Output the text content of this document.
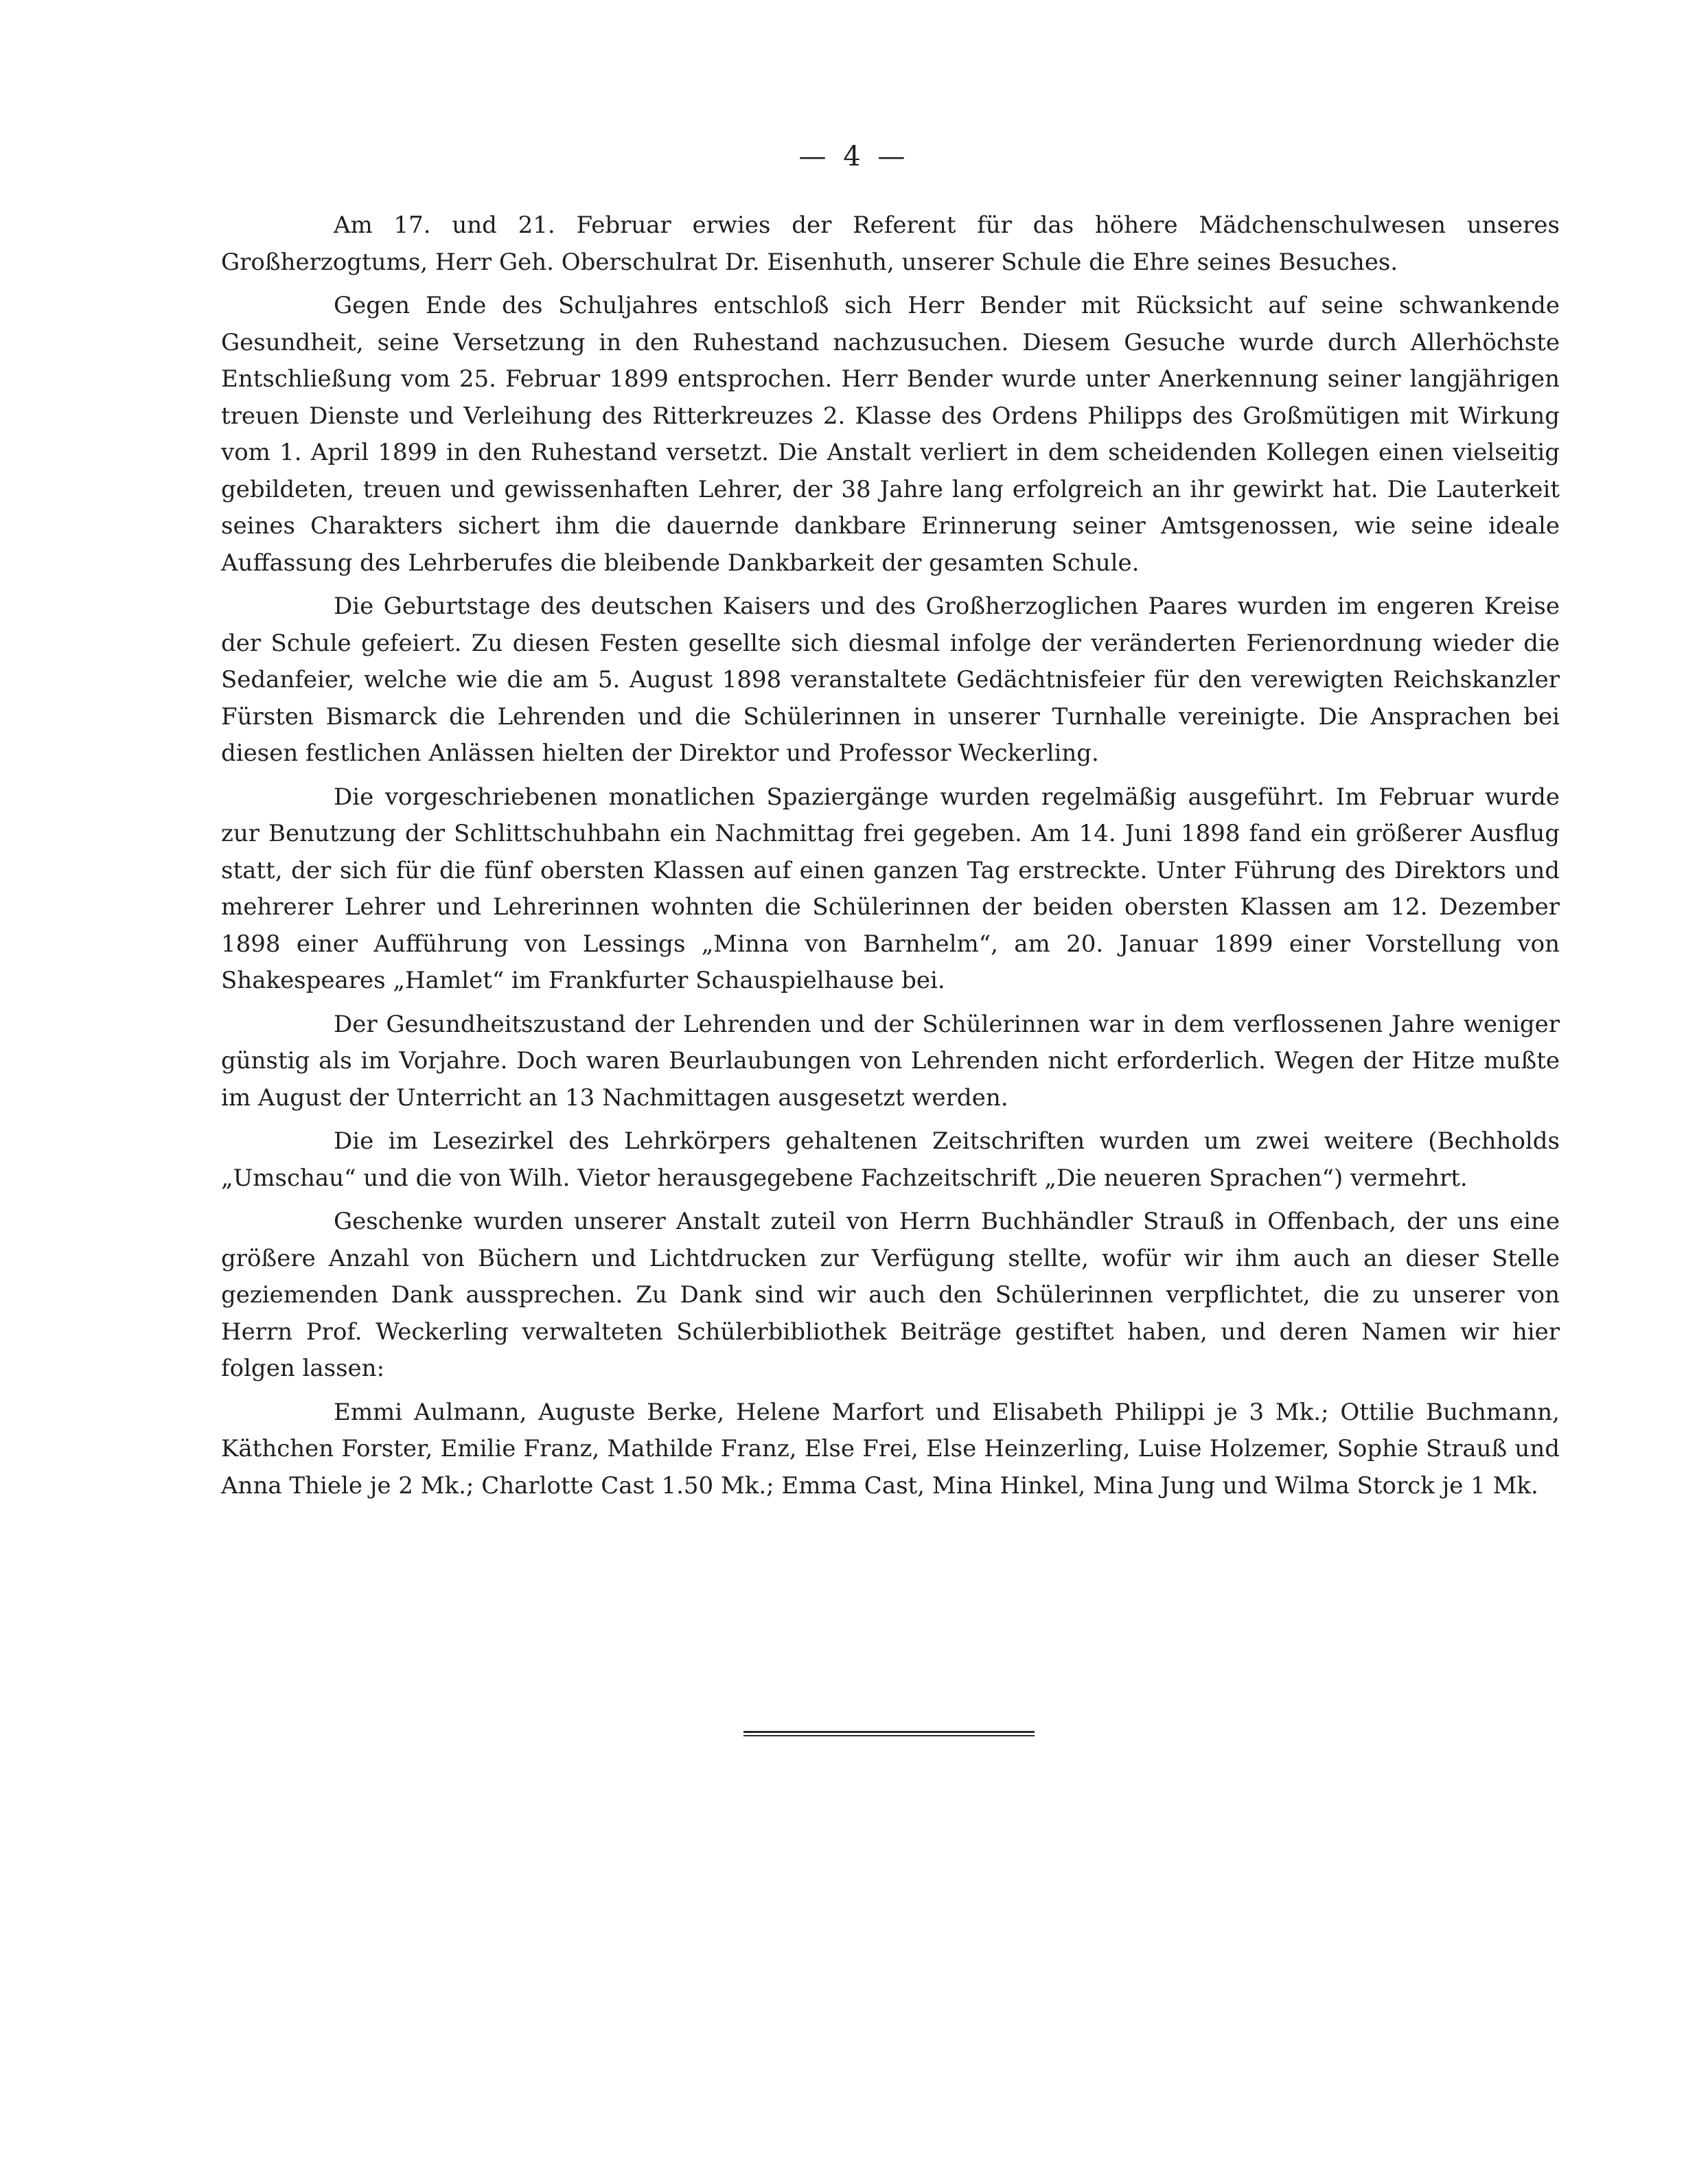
— 4 —

Am 17. und 21. Februar erwies der Referent für das höhere Mädchenschulwesen unseres Großherzogtums, Herr Geh. Oberschulrat Dr. Eisenhuth, unserer Schule die Ehre seines Besuches.

Gegen Ende des Schuljahres entschloß sich Herr Bender mit Rücksicht auf seine schwankende Gesundheit, seine Versetzung in den Ruhestand nachzusuchen. Diesem Gesuche wurde durch Allerhöchste Entschließung vom 25. Februar 1899 entsprochen. Herr Bender wurde unter Anerkennung seiner langjährigen treuen Dienste und Verleihung des Ritterkreuzes 2. Klasse des Ordens Philipps des Großmütigen mit Wirkung vom 1. April 1899 in den Ruhestand versetzt. Die Anstalt verliert in dem scheidenden Kollegen einen vielseitig gebildeten, treuen und gewissenhaften Lehrer, der 38 Jahre lang erfolgreich an ihr gewirkt hat. Die Lauterkeit seines Charakters sichert ihm die dauernde dankbare Erinnerung seiner Amtsgenossen, wie seine ideale Auffassung des Lehrberufes die bleibende Dankbarkeit der gesamten Schule.

Die Geburtstage des deutschen Kaisers und des Großherzoglichen Paares wurden im engeren Kreise der Schule gefeiert. Zu diesen Festen gesellte sich diesmal infolge der veränderten Ferienordnung wieder die Sedanfeier, welche wie die am 5. August 1898 veranstaltete Gedächtnisfeier für den verewigten Reichskanzler Fürsten Bismarck die Lehrenden und die Schülerinnen in unserer Turnhalle vereinigte. Die Ansprachen bei diesen festlichen Anlässen hielten der Direktor und Professor Weckerling.

Die vorgeschriebenen monatlichen Spaziergänge wurden regelmäßig ausgeführt. Im Februar wurde zur Benutzung der Schlittschuhbahn ein Nachmittag frei gegeben. Am 14. Juni 1898 fand ein größerer Ausflug statt, der sich für die fünf obersten Klassen auf einen ganzen Tag erstreckte. Unter Führung des Direktors und mehrerer Lehrer und Lehrerinnen wohnten die Schülerinnen der beiden obersten Klassen am 12. Dezember 1898 einer Aufführung von Lessings „Minna von Barnhelm“, am 20. Januar 1899 einer Vorstellung von Shakespeares „Hamlet“ im Frankfurter Schauspielhause bei.

Der Gesundheitszustand der Lehrenden und der Schülerinnen war in dem verflossenen Jahre weniger günstig als im Vorjahre. Doch waren Beurlaubungen von Lehrenden nicht erforderlich. Wegen der Hitze mußte im August der Unterricht an 13 Nachmittagen ausgesetzt werden.

Die im Lesezirkel des Lehrkörpers gehaltenen Zeitschriften wurden um zwei weitere (Bechholds „Umschau“ und die von Wilh. Vietor herausgegebene Fachzeitschrift „Die neueren Sprachen“) vermehrt.

Geschenke wurden unserer Anstalt zuteil von Herrn Buchhändler Strauß in Offenbach, der uns eine größere Anzahl von Büchern und Lichtdrucken zur Verfügung stellte, wofür wir ihm auch an dieser Stelle geziemenden Dank aussprechen. Zu Dank sind wir auch den Schülerinnen verpflichtet, die zu unserer von Herrn Prof. Weckerling verwalteten Schülerbibliothek Beiträge gestiftet haben, und deren Namen wir hier folgen lassen:

Emmi Aulmann, Auguste Berke, Helene Marfort und Elisabeth Philippi je 3 Mk.; Ottilie Buchmann, Käthchen Forster, Emilie Franz, Mathilde Franz, Else Frei, Else Heinzerling, Luise Holzemer, Sophie Strauß und Anna Thiele je 2 Mk.; Charlotte Cast 1.50 Mk.; Emma Cast, Mina Hinkel, Mina Jung und Wilma Storck je 1 Mk.
